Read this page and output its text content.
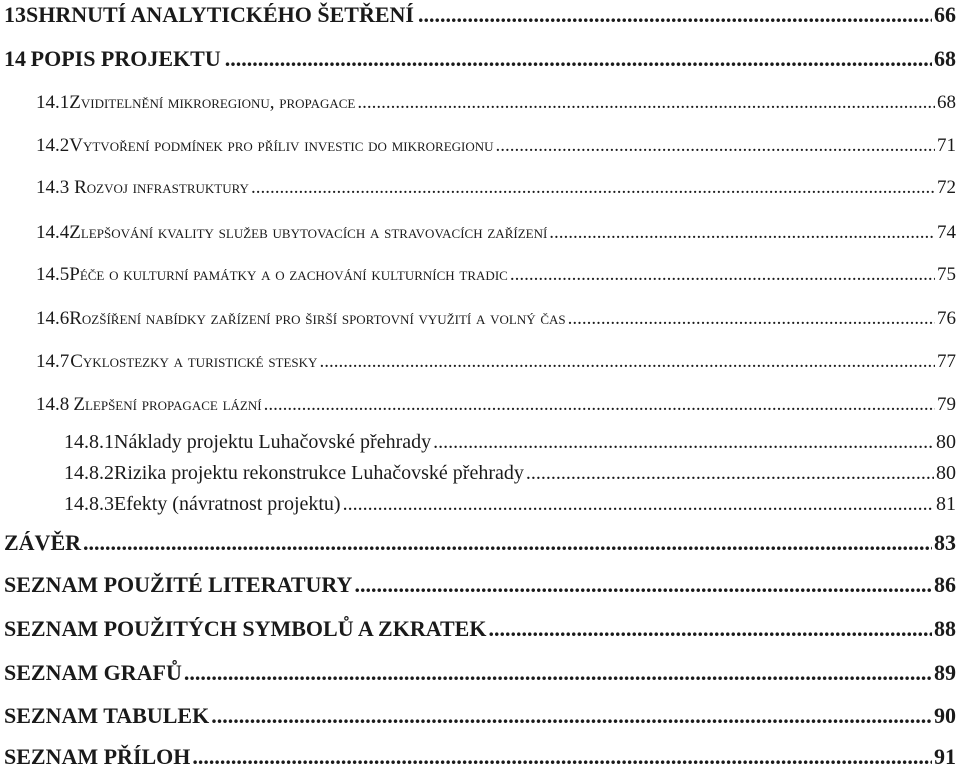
13 SHRNUTÍ ANALYTICKÉHO ŠETŘENÍ .....	66
14 POPIS PROJEKTU .....	68
14.1 Zviditelnění mikroregionu, propagace .....	68
14.2 Vytvoření podmínek pro příliv investic do mikroregionu .....	71
14.3 Rozvoj infrastruktury .....	72
14.4 Zlepšování kvality služeb ubytovacích a stravovacích zařízení .....	74
14.5 Péče o kulturní památky a o zachování kulturních tradic .....	75
14.6 Rozšíření nabídky zařízení pro širší sportovní využití a volný čas .....	76
14.7 Cyklostezky a turistické stesky .....	77
14.8 Zlepšení propagace lázní .....	79
14.8.1 Náklady projektu Luhačovské přehrady .....	80
14.8.2 Rizika projektu rekonstrukce Luhačovské přehrady .....	80
14.8.3 Efekty (návratnost projektu) .....	81
ZÁVĚR .....	83
SEZNAM POUŽITÉ LITERATURY .....	86
SEZNAM POUŽITÝCH SYMBOLŮ A ZKRATEK .....	88
SEZNAM GRAFŮ .....	89
SEZNAM TABULEK .....	90
SEZNAM PŘÍLOH .....	91
